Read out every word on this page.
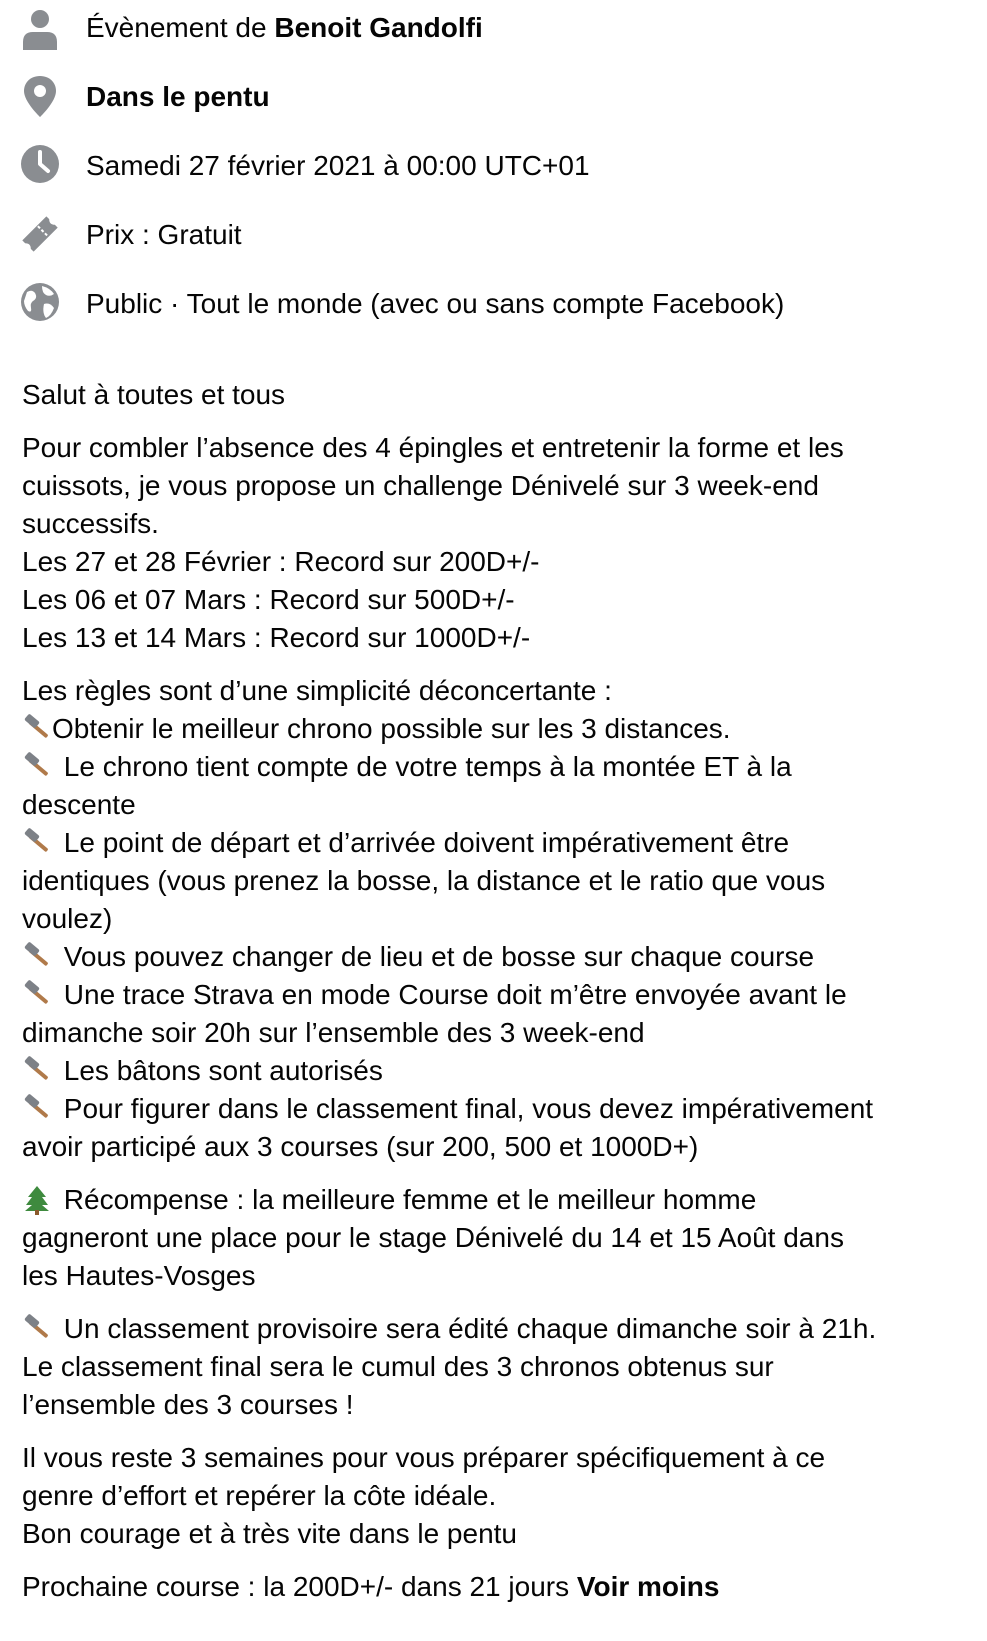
Évènement de Benoit Gandolfi
Dans le pentu
Samedi 27 février 2021 à 00:00 UTC+01
Prix : Gratuit
Public · Tout le monde (avec ou sans compte Facebook)
Salut à toutes et tous
Pour combler l’absence des 4 épingles et entretenir la forme et les
cuissots, je vous propose un challenge Dénivelé sur 3 week-end
successifs.
Les 27 et 28 Février : Record sur 200D+/-
Les 06 et 07 Mars : Record sur 500D+/-
Les 13 et 14 Mars : Record sur 1000D+/-
Les règles sont d’une simplicité déconcertante :
Obtenir le meilleur chrono possible sur les 3 distances.
Le chrono tient compte de votre temps à la montée ET à la
descente
Le point de départ et d’arrivée doivent impérativement être
identiques (vous prenez la bosse, la distance et le ratio que vous
voulez)
Vous pouvez changer de lieu et de bosse sur chaque course
Une trace Strava en mode Course doit m’être envoyée avant le
dimanche soir 20h sur l’ensemble des 3 week-end
Les bâtons sont autorisés
Pour figurer dans le classement final, vous devez impérativement
avoir participé aux 3 courses (sur 200, 500 et 1000D+)
Récompense : la meilleure femme et le meilleur homme
gagneront une place pour le stage Dénivelé du 14 et 15 Août dans
les Hautes-Vosges
Un classement provisoire sera édité chaque dimanche soir à 21h.
Le classement final sera le cumul des 3 chronos obtenus sur
l’ensemble des 3 courses !
Il vous reste 3 semaines pour vous préparer spécifiquement à ce
genre d’effort et repérer la côte idéale.
Bon courage et à très vite dans le pentu
Prochaine course : la 200D+/- dans 21 jours Voir moins
